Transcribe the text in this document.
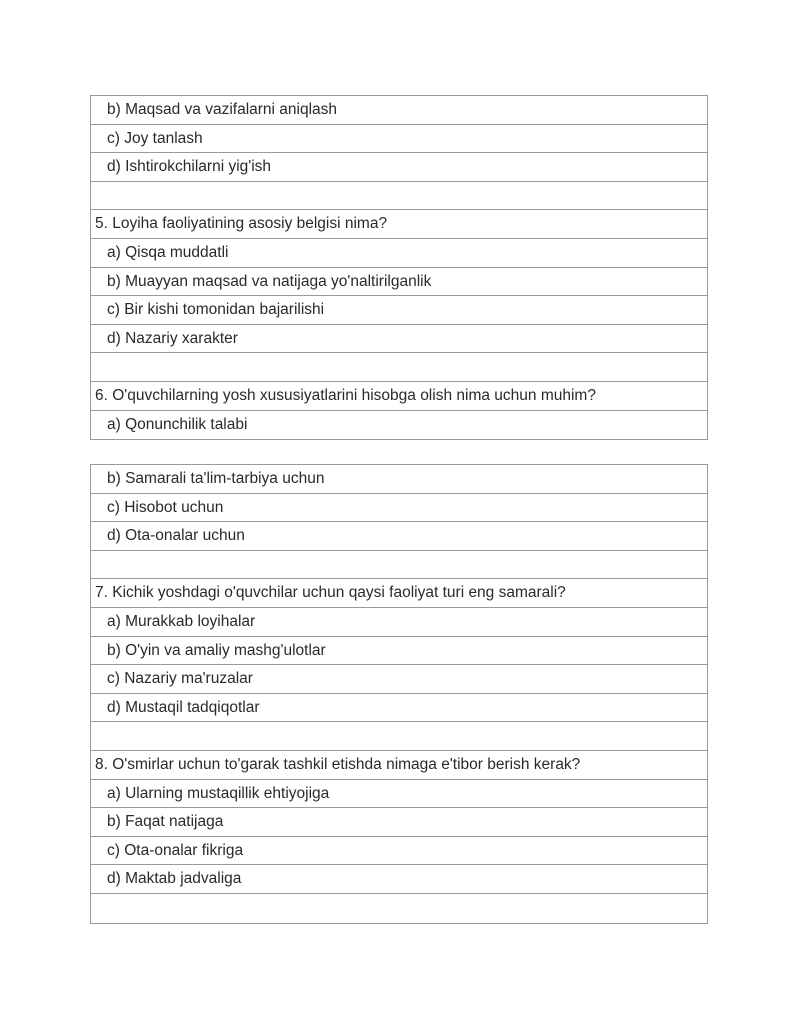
b) Maqsad va vazifalarni aniqlash
c) Joy tanlash
d) Ishtirokchilarni yig'ish
5. Loyiha faoliyatining asosiy belgisi nima?
a) Qisqa muddatli
b) Muayyan maqsad va natijaga yo'naltirilganlik
c) Bir kishi tomonidan bajarilishi
d) Nazariy xarakter
6. O'quvchilarning yosh xususiyatlarini hisobga olish nima uchun muhim?
a) Qonunchilik talabi
b) Samarali ta'lim-tarbiya uchun
c) Hisobot uchun
d) Ota-onalar uchun
7. Kichik yoshdagi o'quvchilar uchun qaysi faoliyat turi eng samarali?
a) Murakkab loyihalar
b) O'yin va amaliy mashg'ulotlar
c) Nazariy ma'ruzalar
d) Mustaqil tadqiqotlar
8. O'smirlar uchun to'garak tashkil etishda nimaga e'tibor berish kerak?
a) Ularning mustaqillik ehtiyojiga
b) Faqat natijaga
c) Ota-onalar fikriga
d) Maktab jadvaliga
